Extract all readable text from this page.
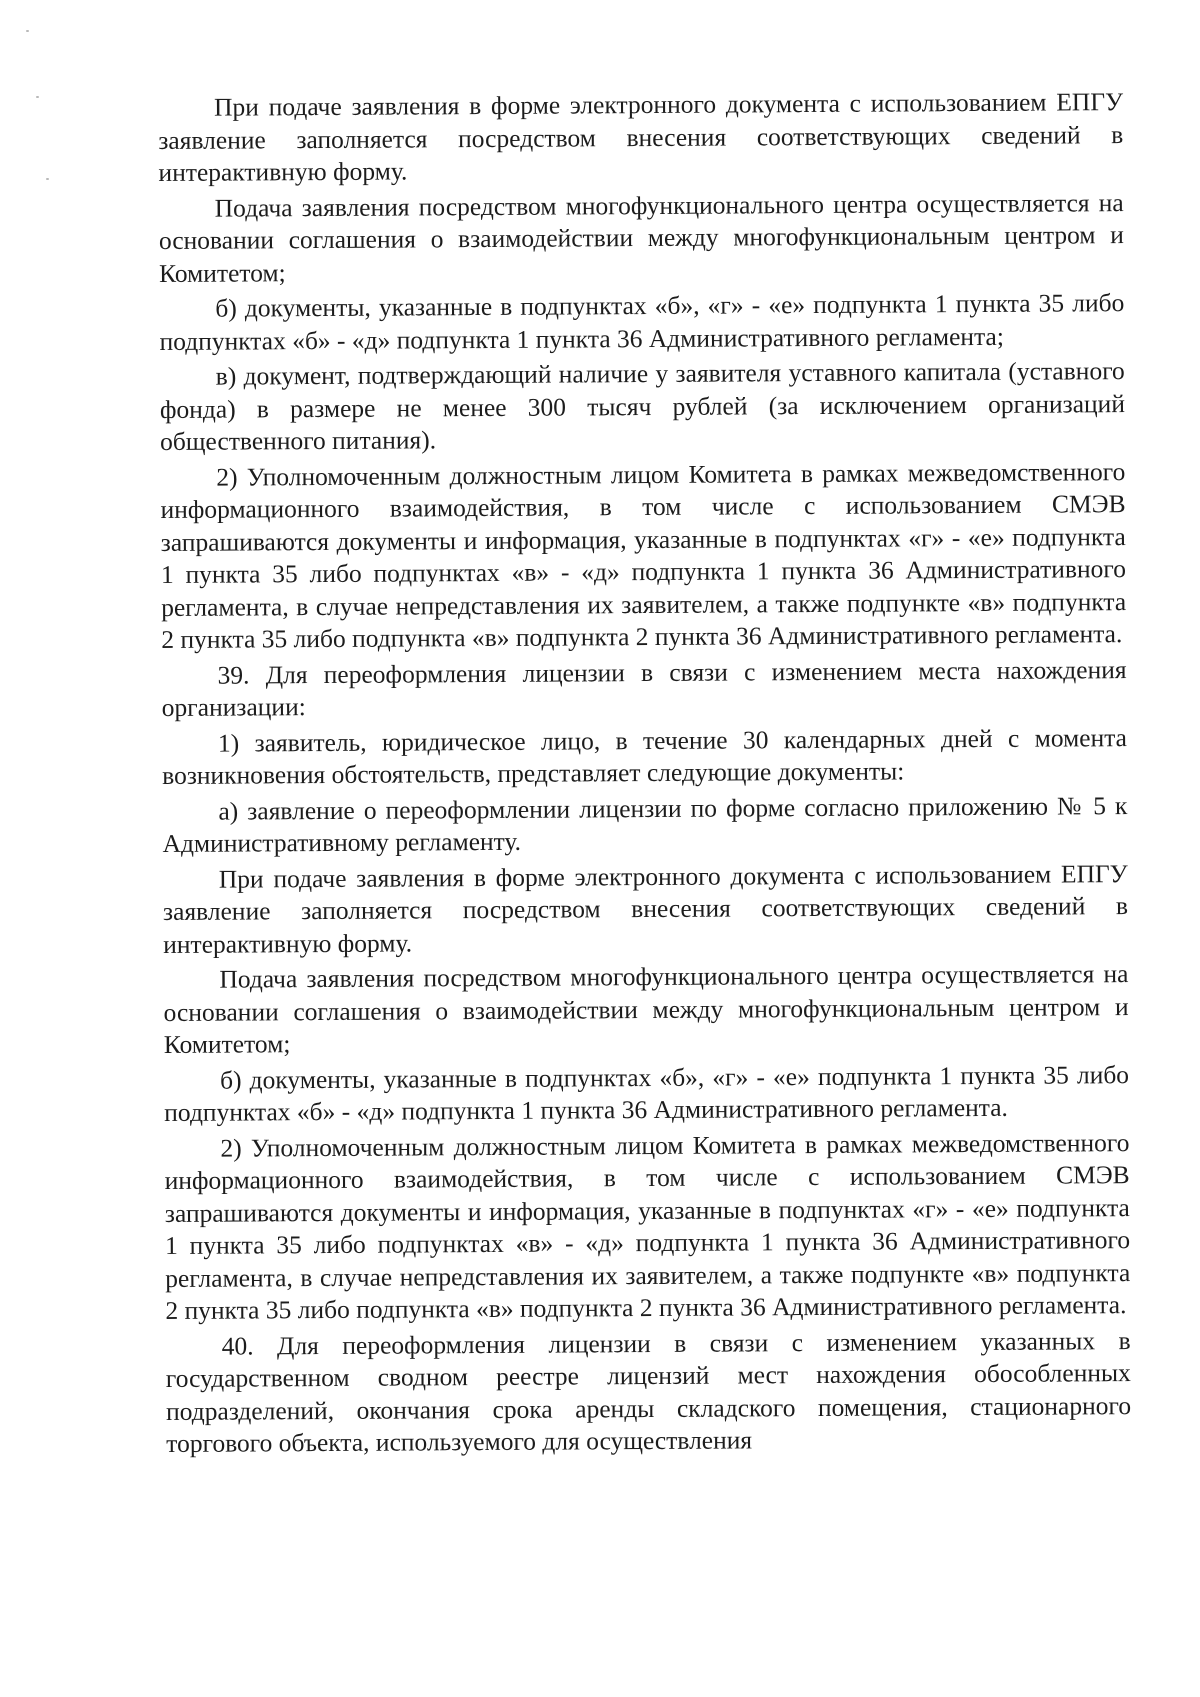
При подаче заявления в форме электронного документа с использованием ЕПГУ заявление заполняется посредством внесения соответствующих сведений в интерактивную форму.

Подача заявления посредством многофункционального центра осуществляется на основании соглашения о взаимодействии между многофункциональным центром и Комитетом;

б) документы, указанные в подпунктах «б», «г» - «е» подпункта 1 пункта 35 либо подпунктах «б» - «д» подпункта 1 пункта 36 Административного регламента;

в) документ, подтверждающий наличие у заявителя уставного капитала (уставного фонда) в размере не менее 300 тысяч рублей (за исключением организаций общественного питания).

2) Уполномоченным должностным лицом Комитета в рамках межведомственного информационного взаимодействия, в том числе с использованием СМЭВ запрашиваются документы и информация, указанные в подпунктах «г» - «е» подпункта 1 пункта 35 либо подпунктах «в» - «д» подпункта 1 пункта 36 Административного регламента, в случае непредставления их заявителем, а также подпункте «в» подпункта 2 пункта 35 либо подпункта «в» подпункта 2 пункта 36 Административного регламента.

39. Для переоформления лицензии в связи с изменением места нахождения организации:

1) заявитель, юридическое лицо, в течение 30 календарных дней с момента возникновения обстоятельств, представляет следующие документы:

а) заявление о переоформлении лицензии по форме согласно приложению № 5 к Административному регламенту.

При подаче заявления в форме электронного документа с использованием ЕПГУ заявление заполняется посредством внесения соответствующих сведений в интерактивную форму.

Подача заявления посредством многофункционального центра осуществляется на основании соглашения о взаимодействии между многофункциональным центром и Комитетом;

б) документы, указанные в подпунктах «б», «г» - «е» подпункта 1 пункта 35 либо подпунктах «б» - «д» подпункта 1 пункта 36 Административного регламента.

2) Уполномоченным должностным лицом Комитета в рамках межведомственного информационного взаимодействия, в том числе с использованием СМЭВ запрашиваются документы и информация, указанные в подпунктах «г» - «е» подпункта 1 пункта 35 либо подпунктах «в» - «д» подпункта 1 пункта 36 Административного регламента, в случае непредставления их заявителем, а также подпункте «в» подпункта 2 пункта 35 либо подпункта «в» подпункта 2 пункта 36 Административного регламента.

40. Для переоформления лицензии в связи с изменением указанных в государственном сводном реестре лицензий мест нахождения обособленных подразделений, окончания срока аренды складского помещения, стационарного торгового объекта, используемого для осуществления
